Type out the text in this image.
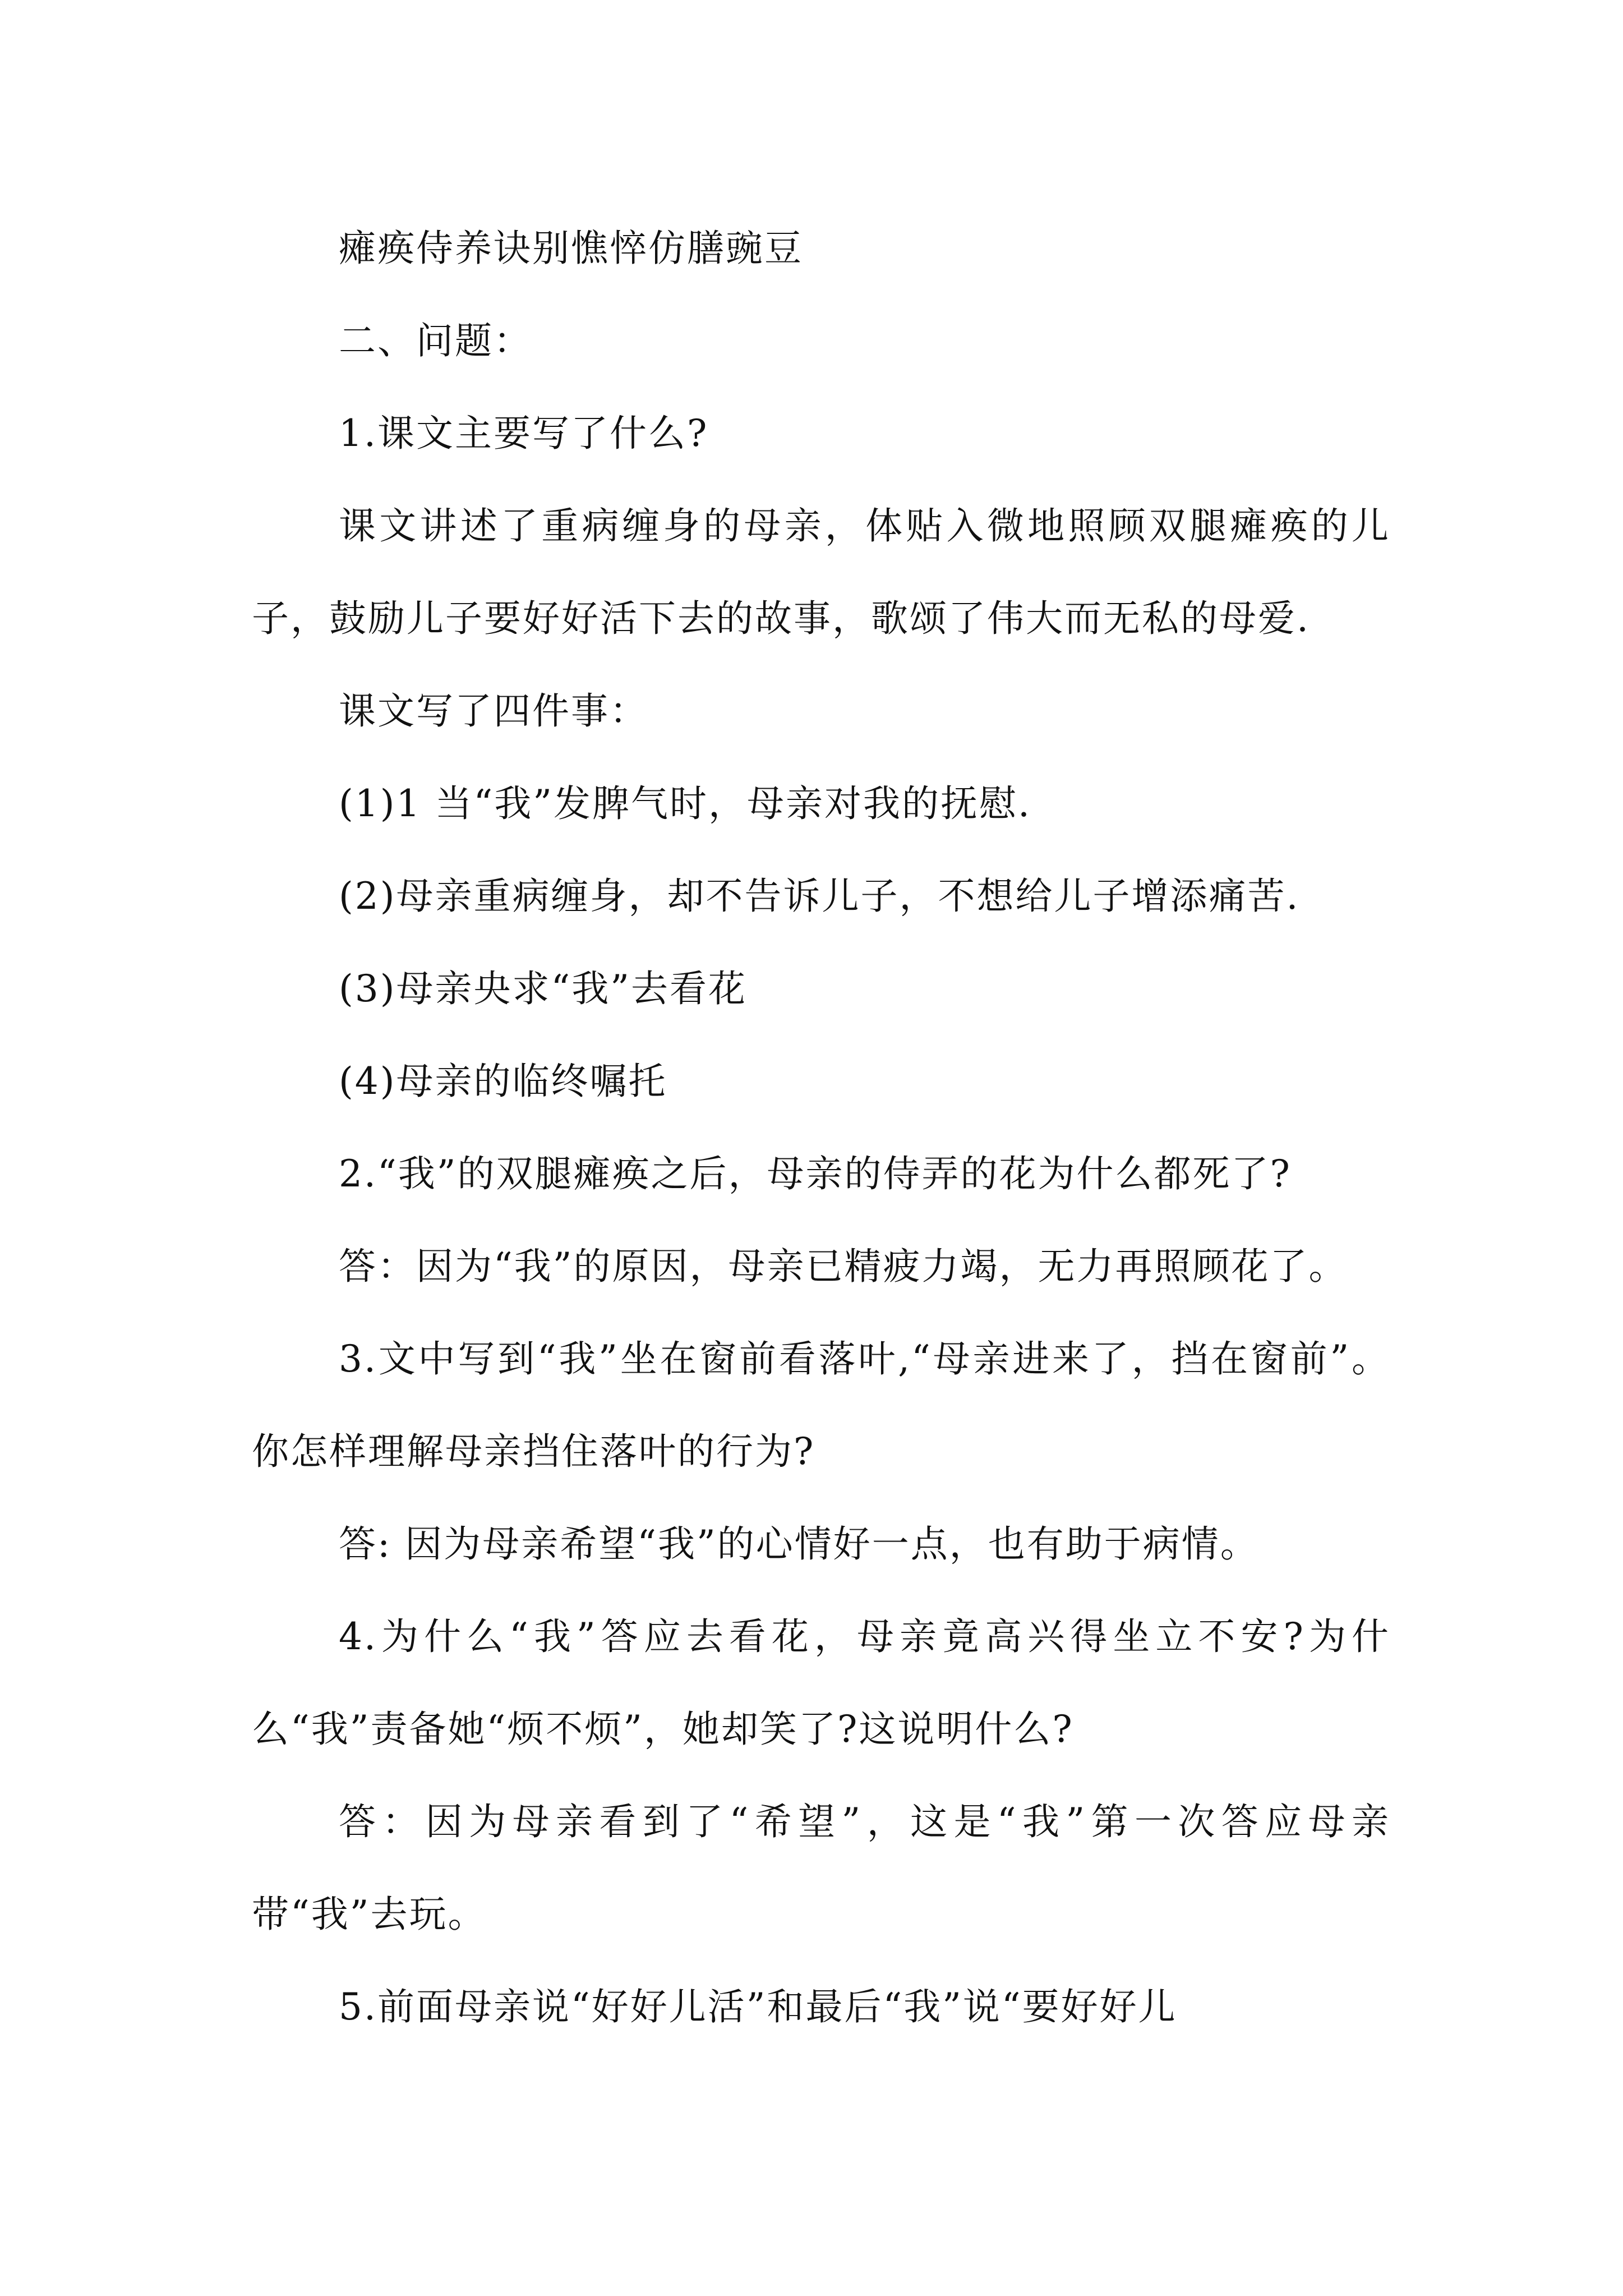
瘫痪侍养诀别憔悴仿膳豌豆

二、问题：

1.课文主要写了什么?

课文讲述了重病缠身的母亲，体贴入微地照顾双腿瘫痪的儿子，鼓励儿子要好好活下去的故事，歌颂了伟大而无私的母爱.

课文写了四件事：

(1)1 当“我”发脾气时，母亲对我的抚慰.

(2)母亲重病缠身，却不告诉儿子，不想给儿子增添痛苦.

(3)母亲央求“我”去看花

(4)母亲的临终嘱托

2.“我”的双腿瘫痪之后，母亲的侍弄的花为什么都死了?

答：因为“我”的原因，母亲已精疲力竭，无力再照顾花了。

3.文中写到“我”坐在窗前看落叶,“母亲进来了，挡在窗前”。你怎样理解母亲挡住落叶的行为?

答: 因为母亲希望“我”的心情好一点，也有助于病情。

4.为什么“我”答应去看花，母亲竟高兴得坐立不安?为什么“我”责备她“烦不烦”，她却笑了?这说明什么?

答：因为母亲看到了“希望”，这是“我”第一次答应母亲带“我”去玩。

5.前面母亲说“好好儿活”和最后“我”说“要好好儿
